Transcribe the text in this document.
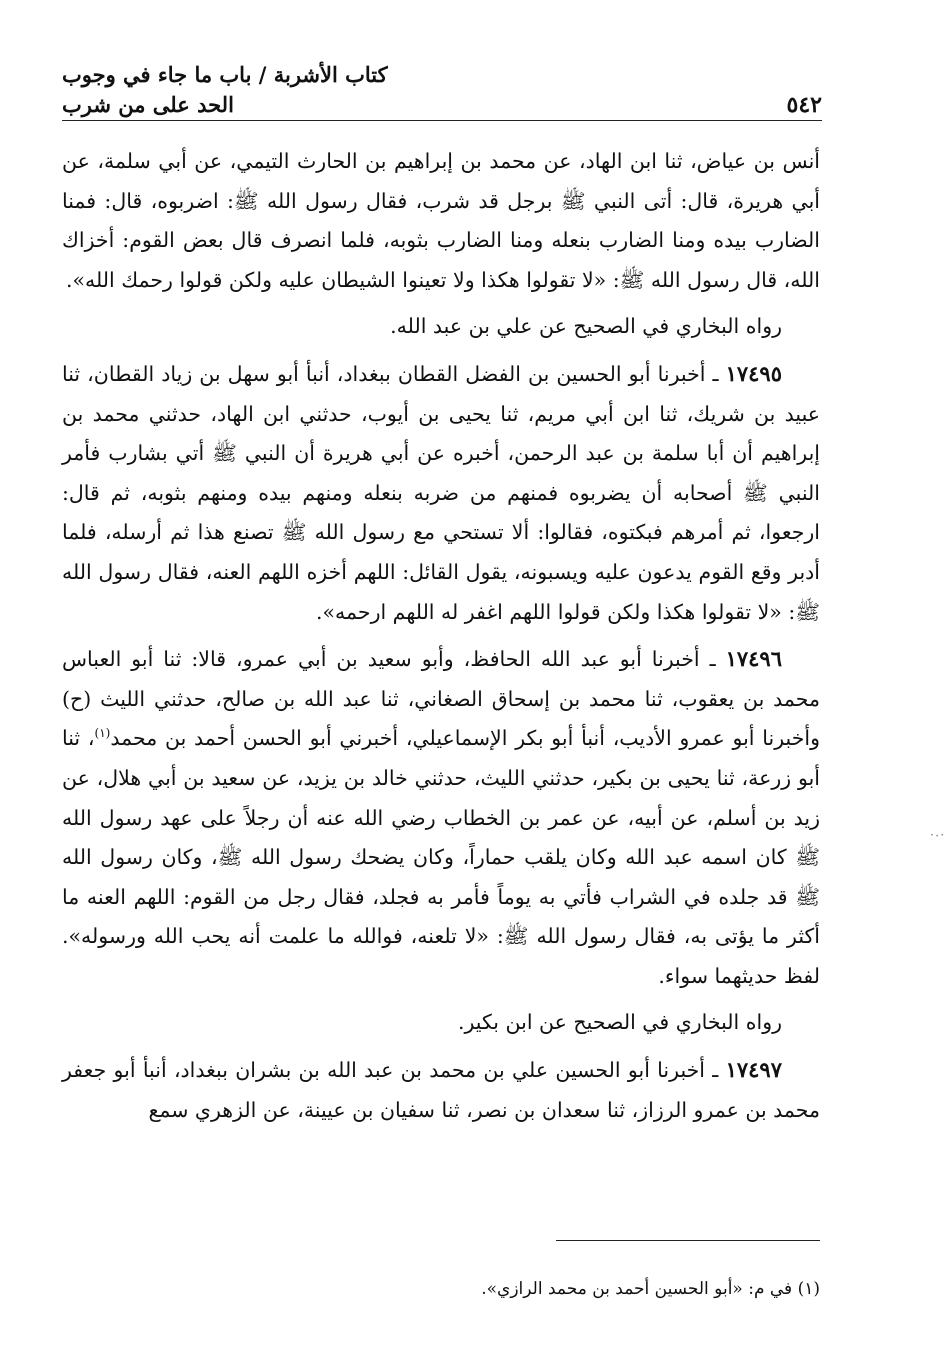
٥٤٢
كتاب الأشربة / باب ما جاء في وجوب الحد على من شرب

أنس بن عياض، ثنا ابن الهاد، عن محمد بن إبراهيم بن الحارث التيمي، عن أبي سلمة، عن أبي هريرة، قال: أتى النبي ﷺ برجل قد شرب، فقال رسول الله ﷺ: اضربوه، قال: فمنا الضارب بيده ومنا الضارب بنعله ومنا الضارب بثوبه، فلما انصرف قال بعض القوم: أخزاك الله، قال رسول الله ﷺ: «لا تقولوا هكذا ولا تعينوا الشيطان عليه ولكن قولوا رحمك الله».

رواه البخاري في الصحيح عن علي بن عبد الله.

١٧٤٩٥ ـ أخبرنا أبو الحسين بن الفضل القطان ببغداد، أنبأ أبو سهل بن زياد القطان، ثنا عبيد بن شريك، ثنا ابن أبي مريم، ثنا يحيى بن أيوب، حدثني ابن الهاد، حدثني محمد بن إبراهيم أن أبا سلمة بن عبد الرحمن، أخبره عن أبي هريرة أن النبي ﷺ أتي بشارب فأمر النبي ﷺ أصحابه أن يضربوه فمنهم من ضربه بنعله ومنهم بيده ومنهم بثوبه، ثم قال: ارجعوا، ثم أمرهم فبكتوه، فقالوا: ألا تستحي مع رسول الله ﷺ تصنع هذا ثم أرسله، فلما أدبر وقع القوم يدعون عليه ويسبونه، يقول القائل: اللهم أخزه اللهم العنه، فقال رسول الله ﷺ: «لا تقولوا هكذا ولكن قولوا اللهم اغفر له اللهم ارحمه».

١٧٤٩٦ ـ أخبرنا أبو عبد الله الحافظ، وأبو سعيد بن أبي عمرو، قالا: ثنا أبو العباس محمد بن يعقوب، ثنا محمد بن إسحاق الصغاني، ثنا عبد الله بن صالح، حدثني الليث (ح) وأخبرنا أبو عمرو الأديب، أنبأ أبو بكر الإسماعيلي، أخبرني أبو الحسن أحمد بن محمد$^{(١)}$، ثنا أبو زرعة، ثنا يحيى بن بكير، حدثني الليث، حدثني خالد بن يزيد، عن سعيد بن أبي هلال، عن زيد بن أسلم، عن أبيه، عن عمر بن الخطاب رضي الله عنه أن رجلاً على عهد رسول الله ﷺ كان اسمه عبد الله وكان يلقب حماراً، وكان يضحك رسول الله ﷺ، وكان رسول الله ﷺ قد جلده في الشراب فأتي به يوماً فأمر به فجلد، فقال رجل من القوم: اللهم العنه ما أكثر ما يؤتى به، فقال رسول الله ﷺ: «لا تلعنه، فوالله ما علمت أنه يحب الله ورسوله». لفظ حديثهما سواء.

رواه البخاري في الصحيح عن ابن بكير.

١٧٤٩٧ ـ أخبرنا أبو الحسين علي بن محمد بن عبد الله بن بشران ببغداد، أنبأ أبو جعفر محمد بن عمرو الرزاز، ثنا سعدان بن نصر، ثنا سفيان بن عيينة، عن الزهري سمع

·٠·
(١) في م: «أبو الحسين أحمد بن محمد الرازي».
